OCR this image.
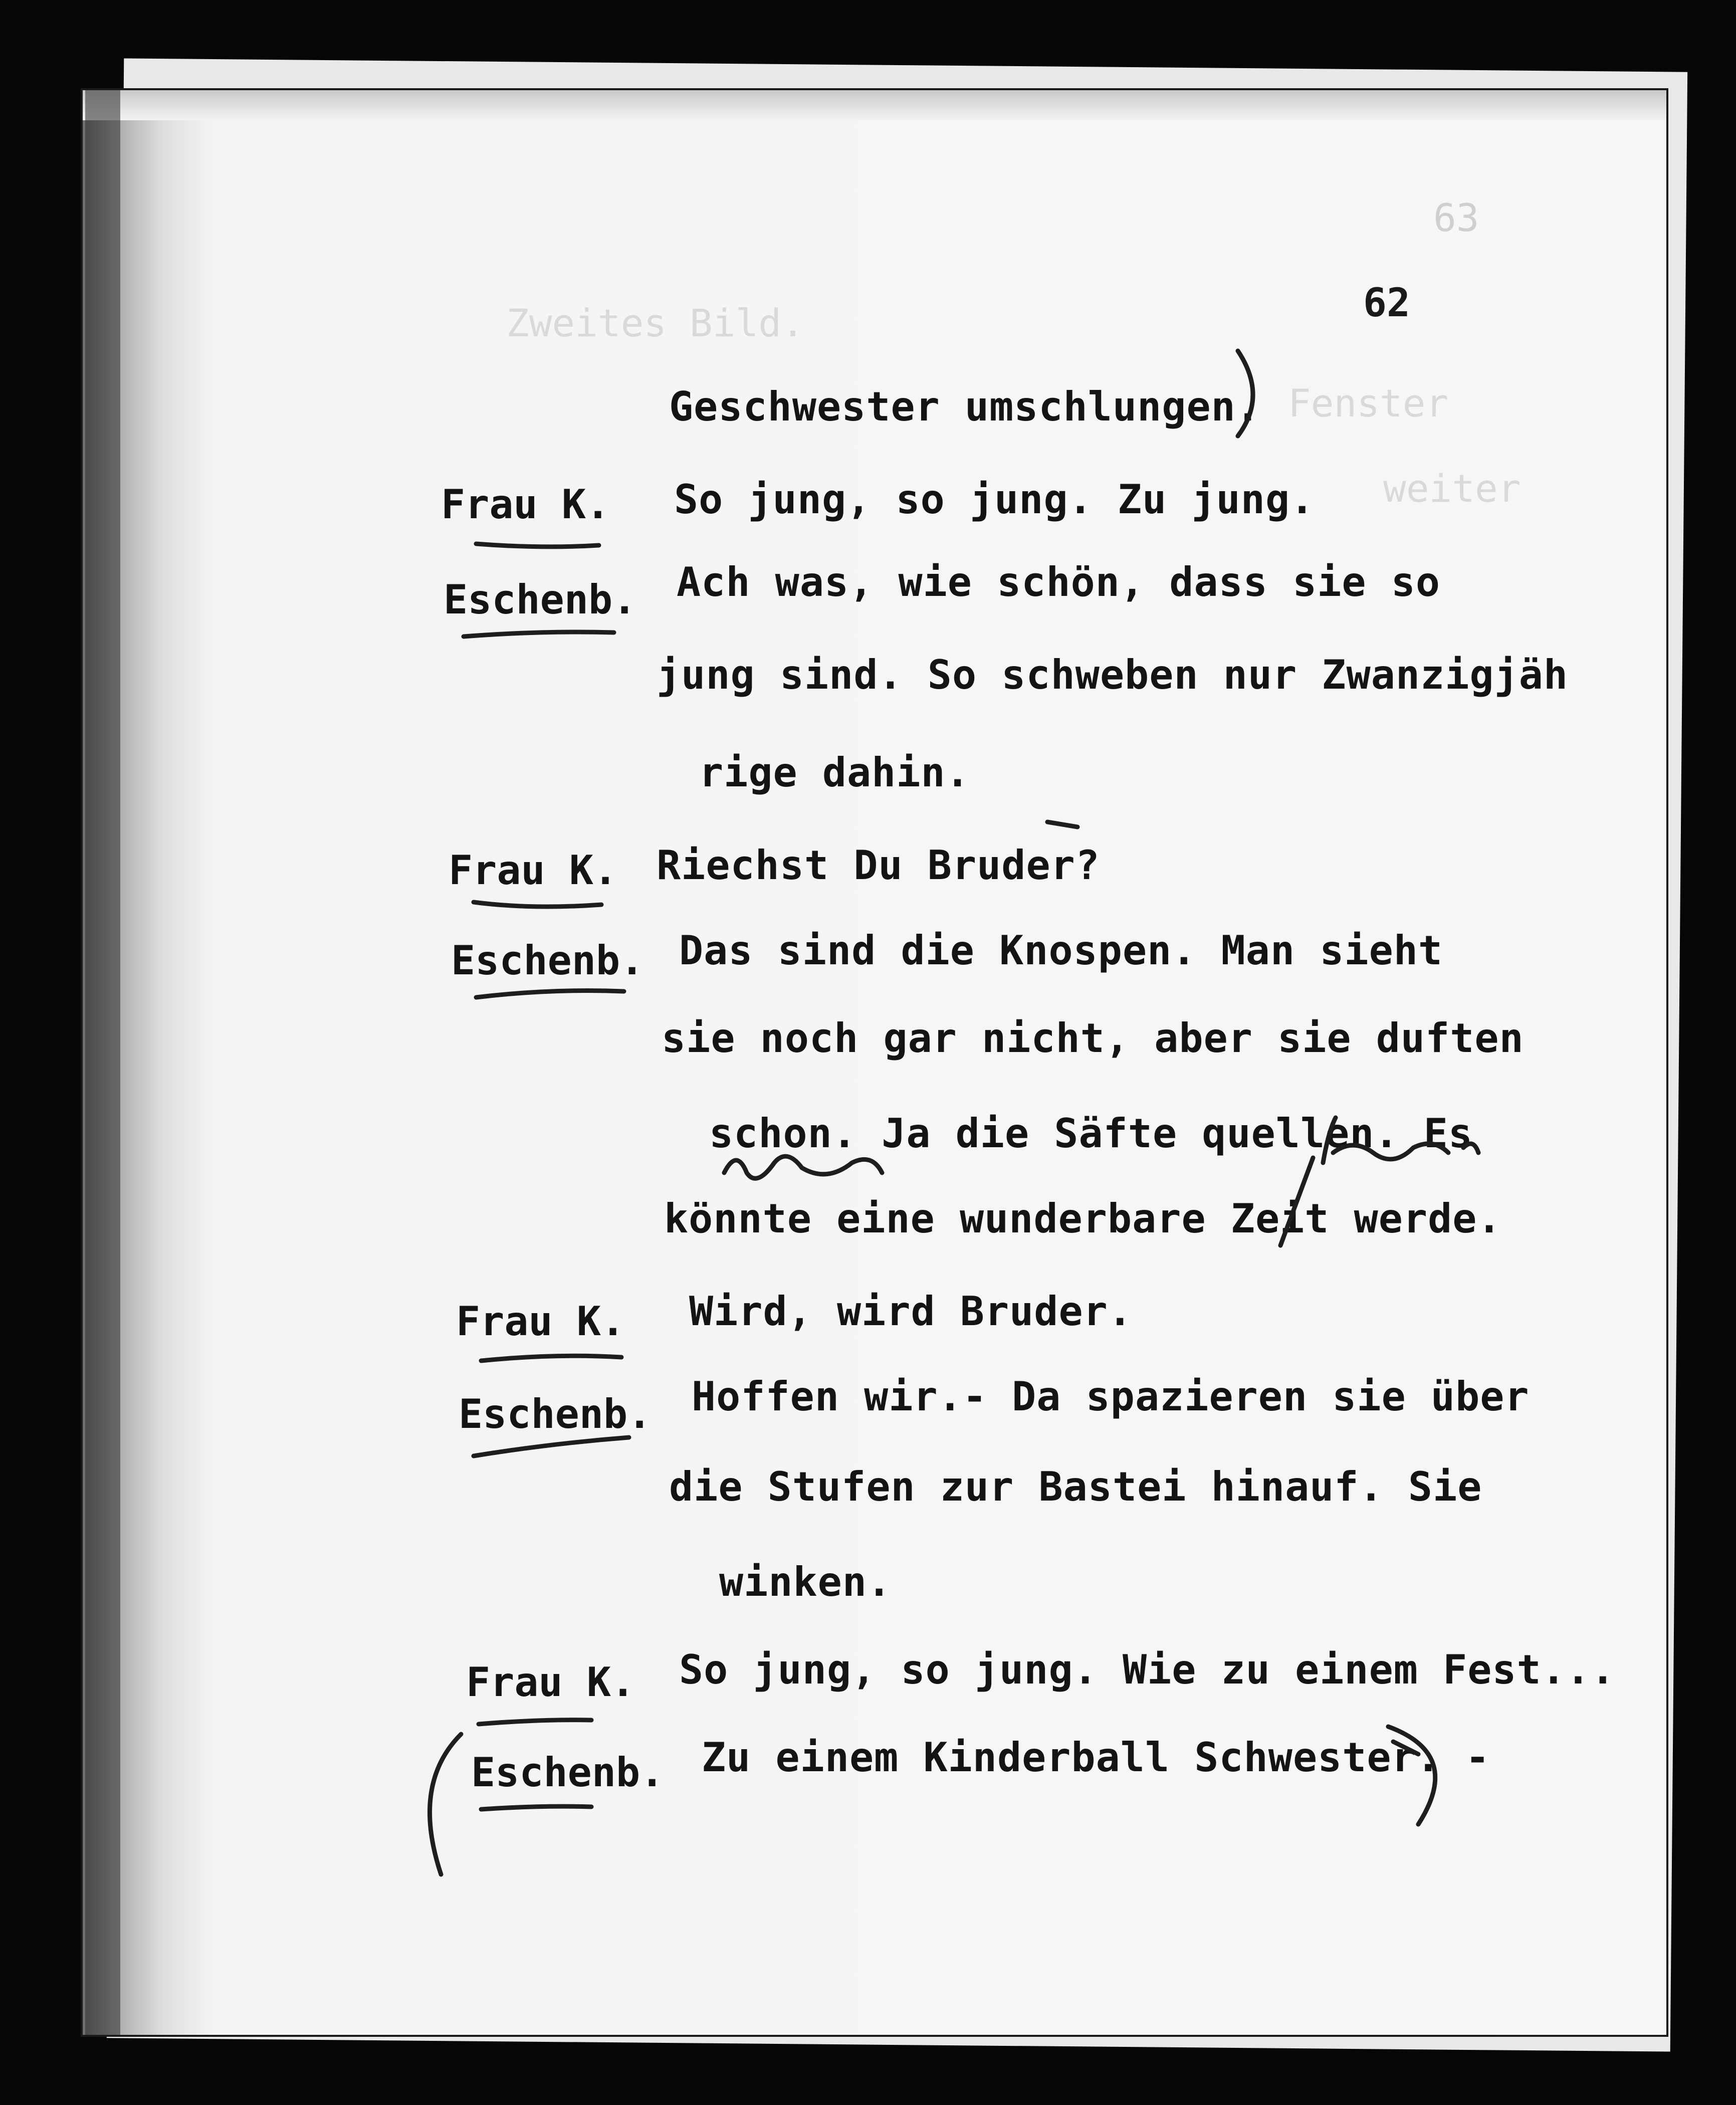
63
Zweites Bild.
Fenster
weiter
62
Geschwester umschlungen.
Frau K. So jung, so jung. Zu jung.
Eschenb. Ach was, wie schön, dass sie so
jung sind. So schweben nur Zwanzigjäh
rige dahin.
Frau K. Riechst Du Bruder?
Eschenb. Das sind die Knospen. Man sieht
sie noch gar nicht, aber sie duften
schon. Ja die Säfte quellen. Es
könnte eine wunderbare Zeit werde.
Frau K. Wird, wird Bruder.
Eschenb. Hoffen wir.- Da spazieren sie über
die Stufen zur Bastei hinauf. Sie
winken.
Frau K. So jung, so jung. Wie zu einem Fest...
Eschenb. Zu einem Kinderball Schwester. -
